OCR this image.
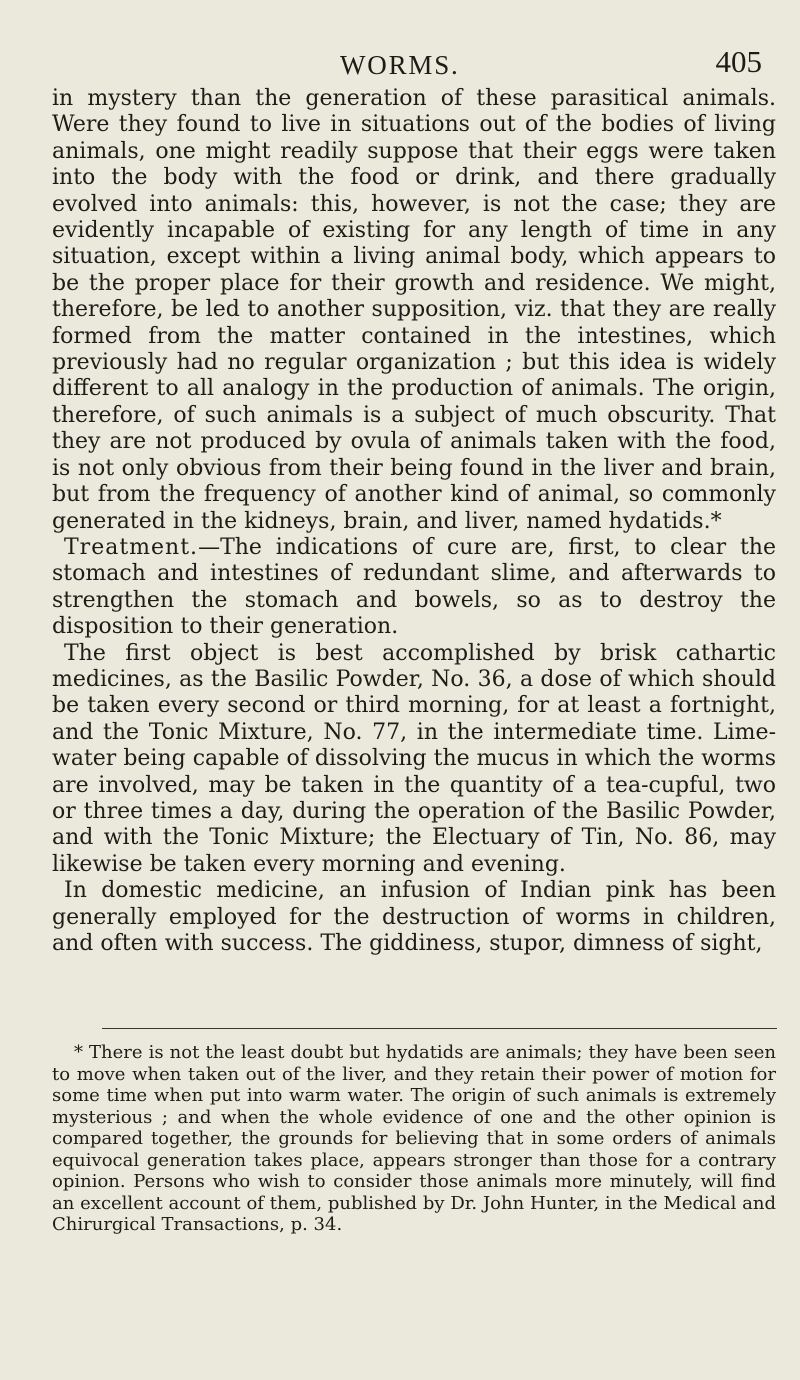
WORMS.	405

in mystery than the generation of these parasitical animals. Were they found to live in situations out of the bodies of living animals, one might readily suppose that their eggs were taken into the body with the food or drink, and there gradually evolved into animals: this, however, is not the case; they are evidently incapable of existing for any length of time in any situation, except within a living animal body, which appears to be the proper place for their growth and residence. We might, therefore, be led to another supposition, viz. that they are really formed from the matter contained in the intestines, which previously had no regular organization ; but this idea is widely different to all analogy in the production of animals. The origin, therefore, of such animals is a subject of much obscurity. That they are not produced by ovula of animals taken with the food, is not only obvious from their being found in the liver and brain, but from the frequency of another kind of animal, so commonly generated in the kidneys, brain, and liver, named hydatids.*

Treatment.—The indications of cure are, first, to clear the stomach and intestines of redundant slime, and afterwards to strengthen the stomach and bowels, so as to destroy the disposition to their generation.

The first object is best accomplished by brisk cathartic medicines, as the Basilic Powder, No. 36, a dose of which should be taken every second or third morning, for at least a fortnight, and the Tonic Mixture, No. 77, in the intermediate time. Lime-water being capable of dissolving the mucus in which the worms are involved, may be taken in the quantity of a tea-cupful, two or three times a day, during the operation of the Basilic Powder, and with the Tonic Mixture; the Electuary of Tin, No. 86, may likewise be taken every morning and evening.

In domestic medicine, an infusion of Indian pink has been generally employed for the destruction of worms in children, and often with success. The giddiness, stupor, dimness of sight,

* There is not the least doubt but hydatids are animals; they have been seen to move when taken out of the liver, and they retain their power of motion for some time when put into warm water. The origin of such animals is extremely mysterious ; and when the whole evidence of one and the other opinion is compared together, the grounds for believing that in some orders of animals equivocal generation takes place, appears stronger than those for a contrary opinion. Persons who wish to consider those animals more minutely, will find an excellent account of them, published by Dr. John Hunter, in the Medical and Chirurgical Transactions, p. 34.
